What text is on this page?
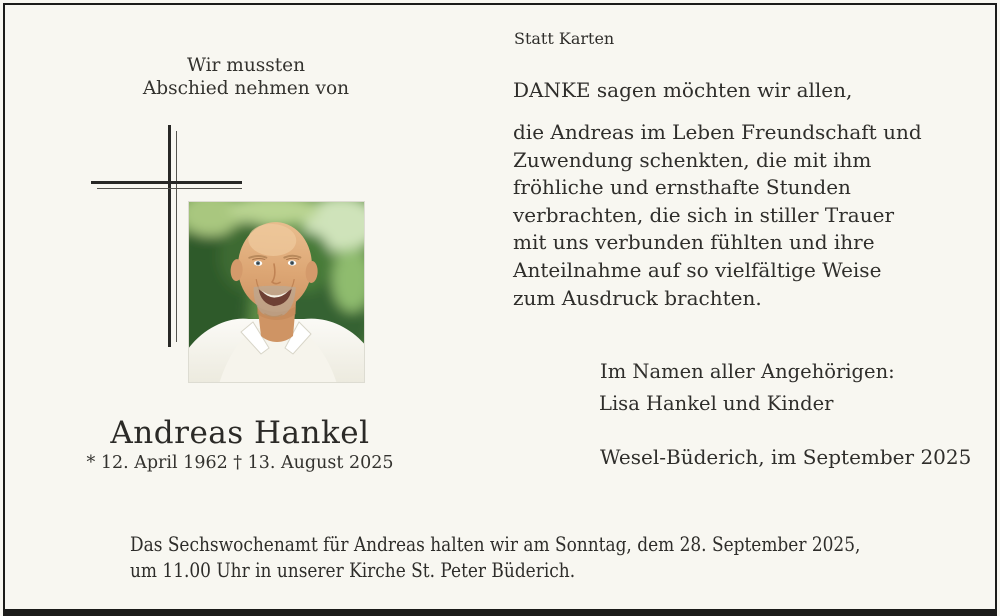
Wir mussten
Abschied nehmen von
Andreas Hankel
* 12. April 1962 † 13. August 2025
Statt Karten
DANKE sagen möchten wir allen,
die Andreas im Leben Freundschaft und
Zuwendung schenkten, die mit ihm
fröhliche und ernsthafte Stunden
verbrachten, die sich in stiller Trauer
mit uns verbunden fühlten und ihre
Anteilnahme auf so vielfältige Weise
zum Ausdruck brachten.
Im Namen aller Angehörigen:
Lisa Hankel und Kinder
Wesel-Büderich, im September 2025
Das Sechswochenamt für Andreas halten wir am Sonntag, dem 28. September 2025,
um 11.00 Uhr in unserer Kirche St. Peter Büderich.
